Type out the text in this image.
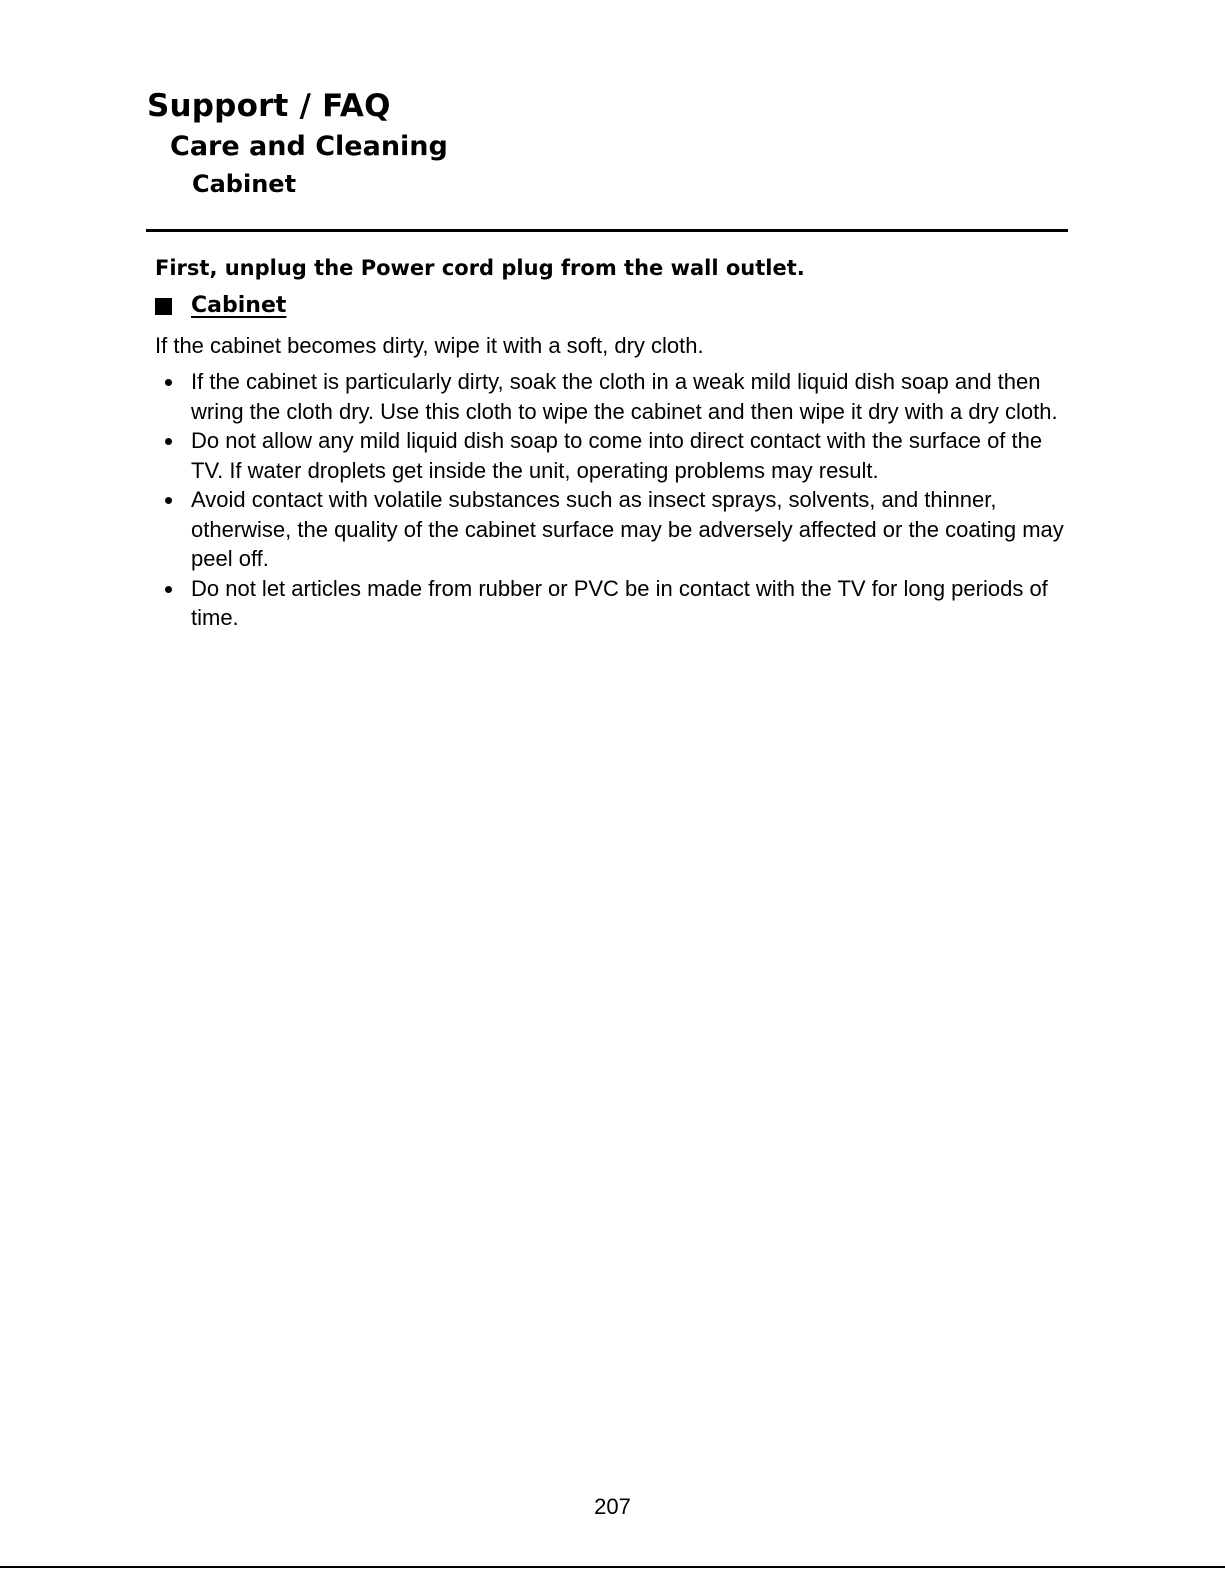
Support / FAQ
Care and Cleaning
Cabinet

First, unplug the Power cord plug from the wall outlet.

Cabinet

If the cabinet becomes dirty, wipe it with a soft, dry cloth.

If the cabinet is particularly dirty, soak the cloth in a weak mild liquid dish soap and then wring the cloth dry. Use this cloth to wipe the cabinet and then wipe it dry with a dry cloth.
Do not allow any mild liquid dish soap to come into direct contact with the surface of the TV. If water droplets get inside the unit, operating problems may result.
Avoid contact with volatile substances such as insect sprays, solvents, and thinner, otherwise, the quality of the cabinet surface may be adversely affected or the coating may peel off.
Do not let articles made from rubber or PVC be in contact with the TV for long periods of time.
207
